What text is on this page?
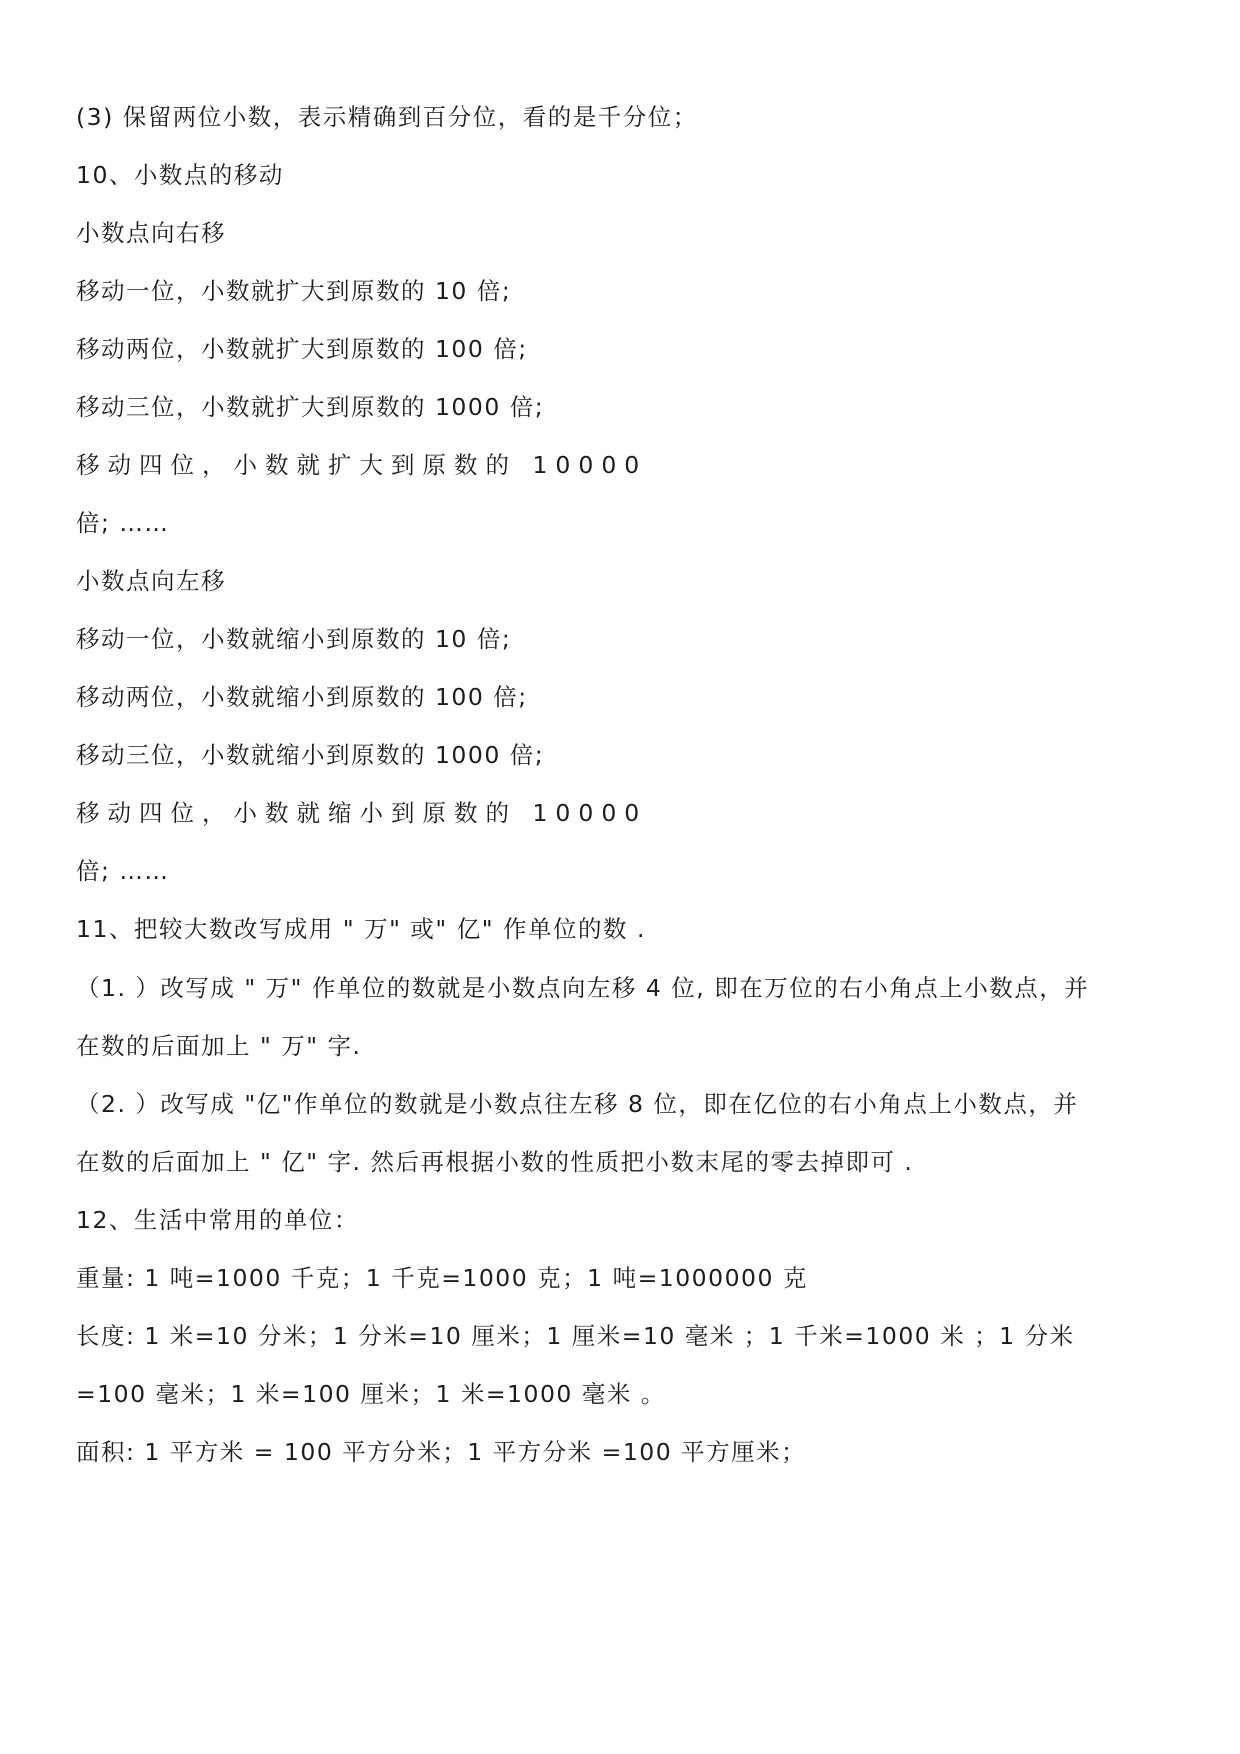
(3) 保留两位小数，表示精确到百分位，看的是千分位；

10、小数点的移动

小数点向右移

移动一位，小数就扩大到原数的 10 倍;

移动两位，小数就扩大到原数的 100 倍;

移动三位，小数就扩大到原数的 1000 倍;

移动四位，小数就扩大到原数的 10000

倍; ……

小数点向左移

移动一位，小数就缩小到原数的 10 倍;

移动两位，小数就缩小到原数的 100 倍;

移动三位，小数就缩小到原数的 1000 倍;

移动四位，小数就缩小到原数的 10000

倍; ……

11、把较大数改写成用 " 万" 或" 亿" 作单位的数 .

（1. ）改写成 " 万" 作单位的数就是小数点向左移 4 位, 即在万位的右小角点上小数点，并

在数的后面加上 " 万" 字.

（2. ）改写成 "亿"作单位的数就是小数点往左移 8 位，即在亿位的右小角点上小数点，并

在数的后面加上 " 亿" 字. 然后再根据小数的性质把小数末尾的零去掉即可 .

12、生活中常用的单位：

重量: 1 吨=1000 千克；1 千克=1000 克；1 吨=1000000 克

长度: 1 米=10 分米；1 分米=10 厘米；1 厘米=10 毫米 ；1 千米=1000 米 ；1 分米

=100 毫米；1 米=100 厘米；1 米=1000 毫米 。

面积: 1 平方米 = 100 平方分米；1 平方分米 =100 平方厘米；
